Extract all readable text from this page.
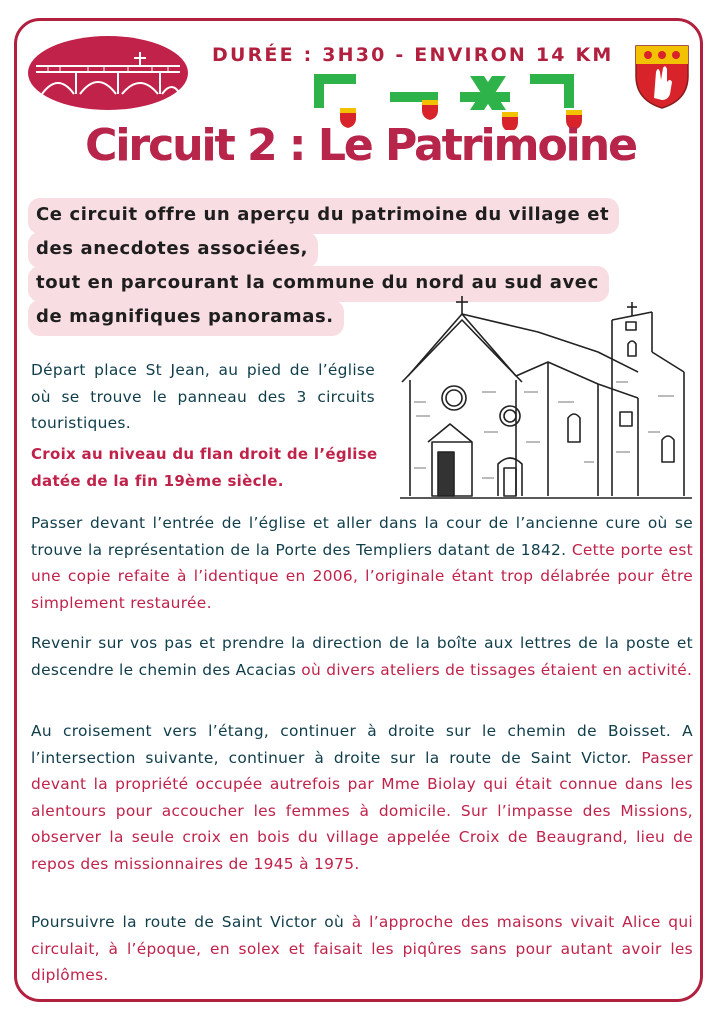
DURÉE : 3H30 - ENVIRON 14 KM
Circuit 2 : Le Patrimoine
Ce circuit offre un aperçu du patrimoine du village et
des anecdotes associées,
tout en parcourant la commune du nord au sud avec
de magnifiques panoramas.
Départ place St Jean, au pied de l’église où se trouve le panneau des 3 circuits touristiques.
Croix au niveau du flan droit de l’église datée de la fin 19ème siècle.
Passer devant l’entrée de l’église et aller dans la cour de l’ancienne cure où se trouve la représentation de la Porte des Templiers datant de 1842. Cette porte est une copie refaite à l’identique en 2006, l’originale étant trop délabrée pour être simplement restaurée.
Revenir sur vos pas et prendre la direction de la boîte aux lettres de la poste et descendre le chemin des Acacias où divers ateliers de tissages étaient en activité.
Au croisement vers l’étang, continuer à droite sur le chemin de Boisset. A l’intersection suivante, continuer à droite sur la route de Saint Victor. Passer devant la propriété occupée autrefois par Mme Biolay qui était connue dans les alentours pour accoucher les femmes à domicile. Sur l’impasse des Missions, observer la seule croix en bois du village appelée Croix de Beaugrand, lieu de repos des missionnaires de 1945 à 1975.
Poursuivre la route de Saint Victor où à l’approche des maisons vivait Alice qui circulait, à l’époque, en solex et faisait les piqûres sans pour autant avoir les diplômes.
